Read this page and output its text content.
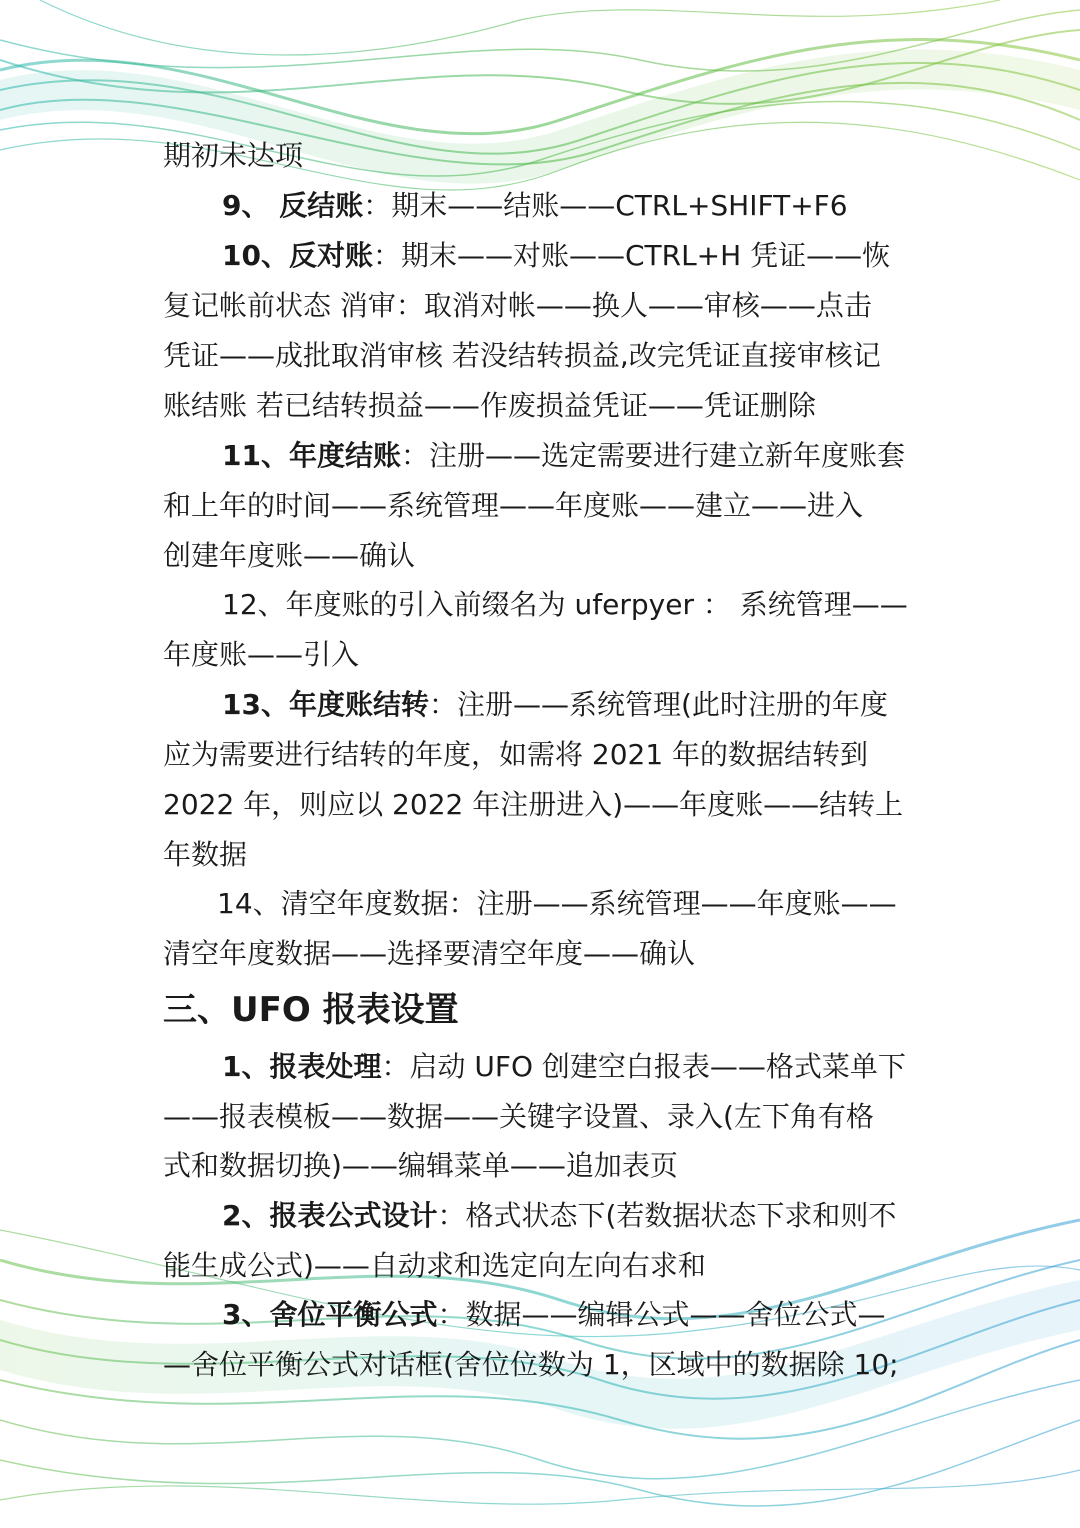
期初未达项
9、 反结账：期末——结账——CTRL+SHIFT+F6
10、反对账：期末——对账——CTRL+H 凭证——恢
复记帐前状态 消审：取消对帐——换人——审核——点击
凭证——成批取消审核 若没结转损益,改完凭证直接审核记
账结账 若已结转损益——作废损益凭证——凭证删除
11、年度结账：注册——选定需要进行建立新年度账套
和上年的时间——系统管理——年度账——建立——进入
创建年度账——确认
12、年度账的引入前缀名为 uferpyer ： 系统管理——
年度账——引入
13、年度账结转：注册——系统管理(此时注册的年度
应为需要进行结转的年度，如需将 2021 年的数据结转到
2022 年，则应以 2022 年注册进入)——年度账——结转上
年数据
14、清空年度数据：注册——系统管理——年度账——
清空年度数据——选择要清空年度——确认
三、UFO 报表设置
1、报表处理：启动 UFO 创建空白报表——格式菜单下
——报表模板——数据——关键字设置、录入(左下角有格
式和数据切换)——编辑菜单——追加表页
2、报表公式设计：格式状态下(若数据状态下求和则不
能生成公式)——自动求和选定向左向右求和
3、舍位平衡公式：数据——编辑公式——舍位公式—
—舍位平衡公式对话框(舍位位数为 1，区域中的数据除 10;
